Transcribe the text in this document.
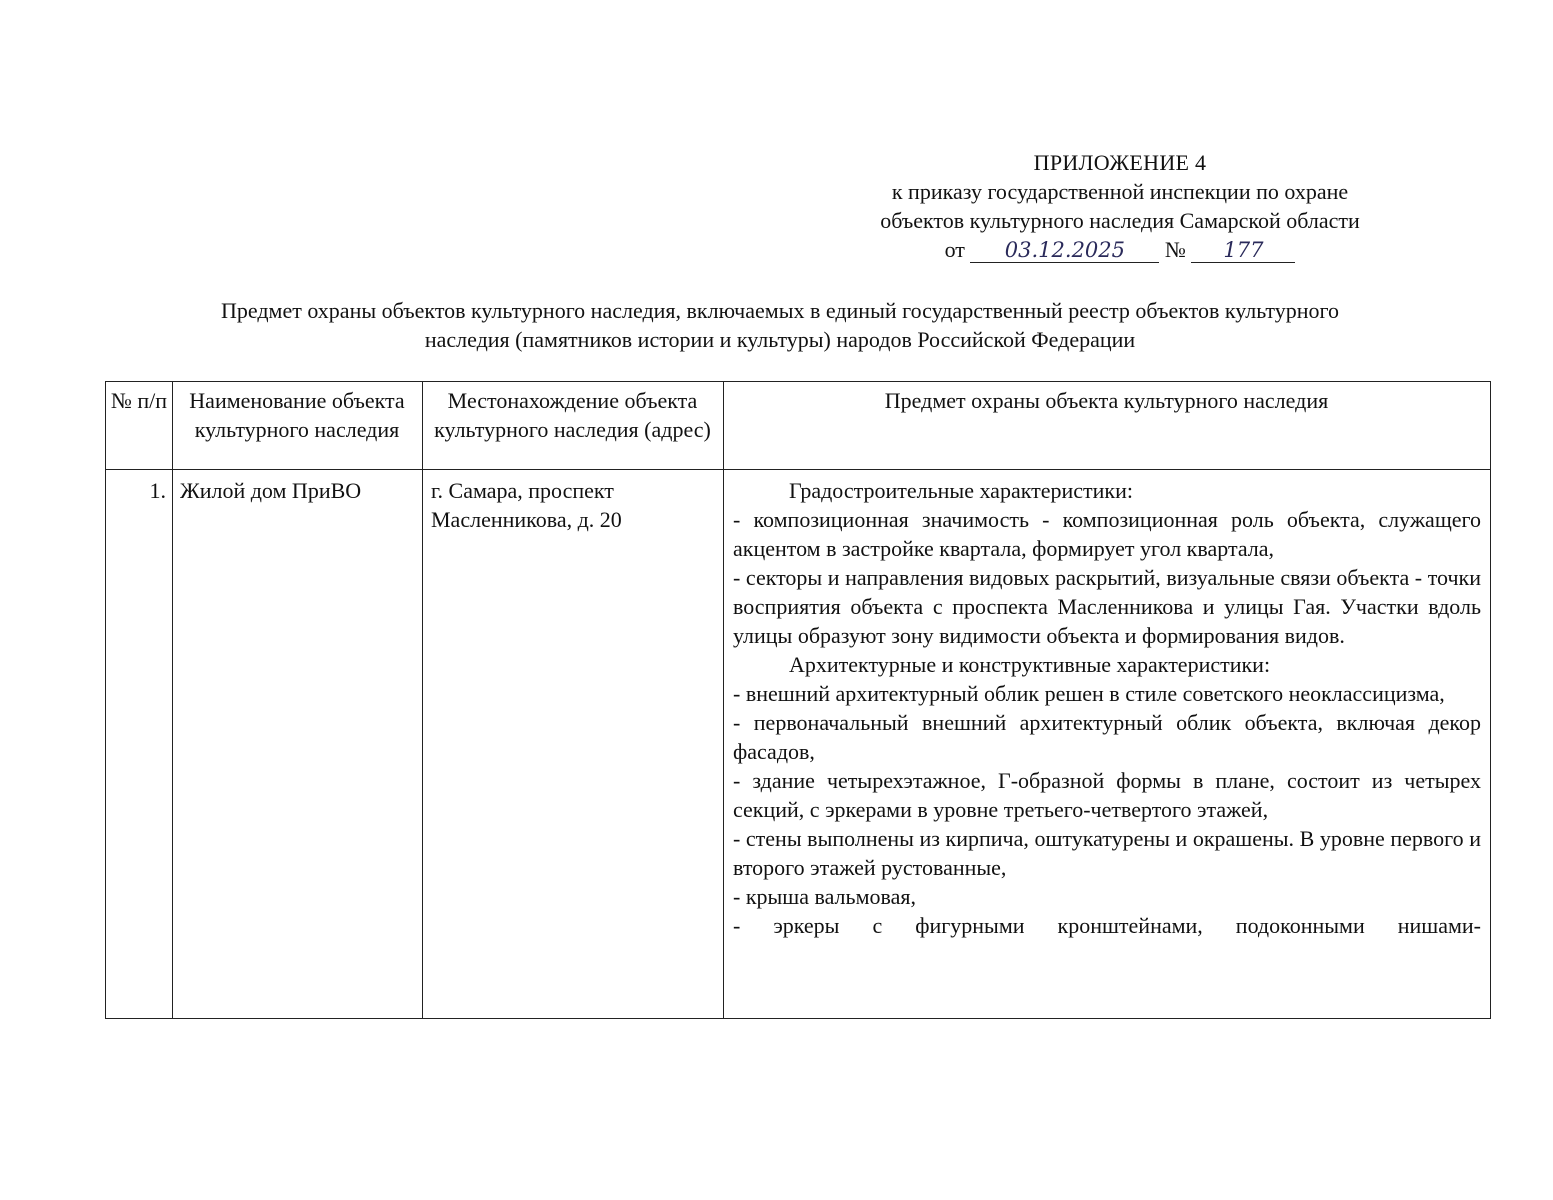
ПРИЛОЖЕНИЕ 4
к приказу государственной инспекции по охране
объектов культурного наследия Самарской области
от 03.12.2025 № 177
Предмет охраны объектов культурного наследия, включаемых в единый государственный реестр объектов культурного
наследия (памятников истории и культуры) народов Российской Федерации
№ п/п	Наименование объекта культурного наследия
Местонахождение объекта культурного наследия (адрес)
Предмет охраны объекта культурного наследия
1. Жилой дом ПриВО	г. Самара, проспект Масленникова, д. 20

Градостроительные характеристики:

- композиционная значимость - композиционная роль объекта, служащего акцентом в застройке квартала, формирует угол квартала,

- секторы и направления видовых раскрытий, визуальные связи объекта - точки восприятия объекта с проспекта Масленникова и улицы Гая. Участки вдоль улицы образуют зону видимости объекта и формирования видов.

Архитектурные и конструктивные характеристики:

- внешний архитектурный облик решен в стиле советского неоклассицизма,

- первоначальный внешний архитектурный облик объекта, включая декор фасадов,

- здание четырехэтажное, Г-образной формы в плане, состоит из четырех секций, с эркерами в уровне третьего-четвертого этажей,

- стены выполнены из кирпича, оштукатурены и окрашены. В уровне первого и второго этажей рустованные,

- крыша вальмовая,

- эркеры с фигурными кронштейнами, подоконными нишами-
